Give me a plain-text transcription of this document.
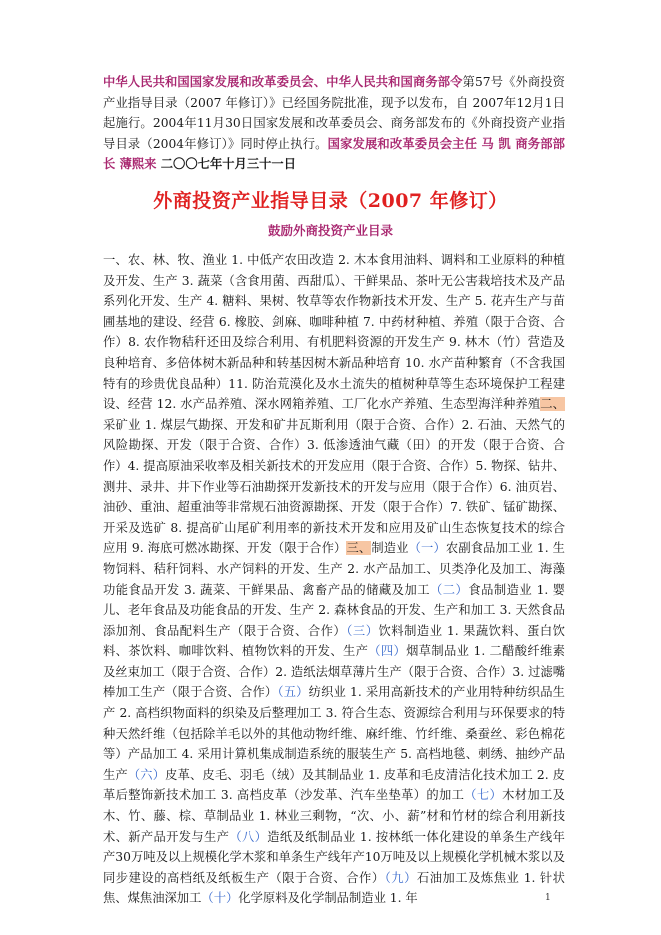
中华人民共和国国家发展和改革委员会、中华人民共和国商务部令第57号《外商投资产业指导目录（2007 年修订）》已经国务院批准，现予以发布，自 2007年12月1日起施行。2004年11月30日国家发展和改革委员会、商务部发布的《外商投资产业指导目录（2004年修订）》同时停止执行。国家发展和改革委员会主任 马 凯 商务部部长 薄熙来 二〇〇七年十月三十一日
外商投资产业指导目录（2007 年修订）
鼓励外商投资产业目录
一、农、林、牧、渔业 1. 中低产农田改造 2. 木本食用油料、调料和工业原料的种植及开发、生产 3. 蔬菜（含食用菌、西甜瓜）、干鲜果品、茶叶无公害栽培技术及产品系列化开发、生产 4. 糖料、果树、牧草等农作物新技术开发、生产 5. 花卉生产与苗圃基地的建设、经营 6. 橡胶、剑麻、咖啡种植 7. 中药材种植、养殖（限于合资、合作）8. 农作物秸秆还田及综合利用、有机肥料资源的开发生产 9. 林木（竹）营造及良种培育、多倍体树木新品种和转基因树木新品种培育 10. 水产苗种繁育（不含我国特有的珍贵优良品种）11. 防治荒漠化及水土流失的植树种草等生态环境保护工程建设、经营 12. 水产品养殖、深水网箱养殖、工厂化水产养殖、生态型海洋种养殖二、采矿业 1. 煤层气勘探、开发和矿井瓦斯利用（限于合资、合作）2. 石油、天然气的风险勘探、开发（限于合资、合作）3. 低渗透油气藏（田）的开发（限于合资、合作）4. 提高原油采收率及相关新技术的开发应用（限于合资、合作）5. 物探、钻井、测井、录井、井下作业等石油勘探开发新技术的开发与应用（限于合作）6. 油页岩、油砂、重油、超重油等非常规石油资源勘探、开发（限于合作）7. 铁矿、锰矿勘探、开采及选矿 8. 提高矿山尾矿利用率的新技术开发和应用及矿山生态恢复技术的综合应用 9. 海底可燃冰勘探、开发（限于合作）三、制造业（一）农副食品加工业 1. 生物饲料、秸秆饲料、水产饲料的开发、生产 2. 水产品加工、贝类净化及加工、海藻功能食品开发 3. 蔬菜、干鲜果品、禽畜产品的储藏及加工（二）食品制造业 1. 婴儿、老年食品及功能食品的开发、生产 2. 森林食品的开发、生产和加工 3. 天然食品添加剂、食品配料生产（限于合资、合作）（三）饮料制造业 1. 果蔬饮料、蛋白饮料、茶饮料、咖啡饮料、植物饮料的开发、生产（四）烟草制品业 1. 二醋酸纤维素及丝束加工（限于合资、合作）2. 造纸法烟草薄片生产（限于合资、合作）3. 过滤嘴棒加工生产（限于合资、合作）（五）纺织业 1. 采用高新技术的产业用特种纺织品生产 2. 高档织物面料的织染及后整理加工 3. 符合生态、资源综合利用与环保要求的特种天然纤维（包括除羊毛以外的其他动物纤维、麻纤维、竹纤维、桑蚕丝、彩色棉花等）产品加工 4. 采用计算机集成制造系统的服装生产 5. 高档地毯、刺绣、抽纱产品生产（六）皮革、皮毛、羽毛（绒）及其制品业 1. 皮革和毛皮清洁化技术加工 2. 皮革后整饰新技术加工 3. 高档皮革（沙发革、汽车坐垫革）的加工（七）木材加工及木、竹、藤、棕、草制品业 1. 林业三剩物，“次、小、薪”材和竹材的综合利用新技术、新产品开发与生产（八）造纸及纸制品业 1. 按林纸一体化建设的单条生产线年产30万吨及以上规模化学木浆和单条生产线年产10万吨及以上规模化学机械木浆以及同步建设的高档纸及纸板生产（限于合资、合作）（九）石油加工及炼焦业 1. 针状焦、煤焦油深加工（十）化学原料及化学制品制造业 1. 年	1
